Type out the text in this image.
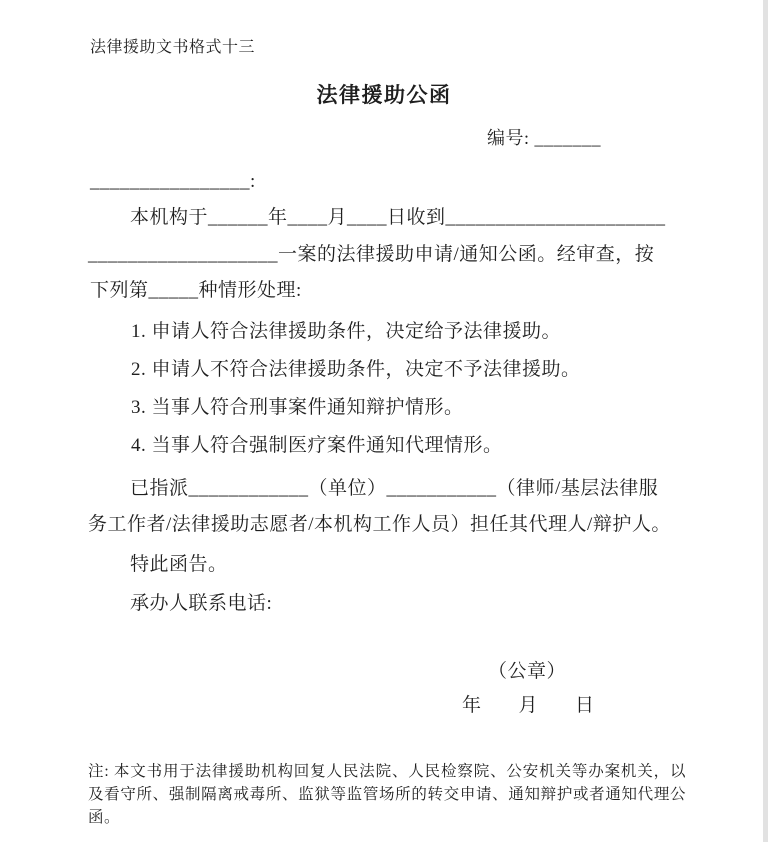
法律援助文书格式十三
法律援助公函
编号: _______
________________:
本机构于______年____月____日收到______________________
___________________一案的法律援助申请/通知公函。经审查，按
下列第_____种情形处理:
1. 申请人符合法律援助条件，决定给予法律援助。
2. 申请人不符合法律援助条件，决定不予法律援助。
3. 当事人符合刑事案件通知辩护情形。
4. 当事人符合强制医疗案件通知代理情形。
已指派____________（单位）___________（律师/基层法律服
务工作者/法律援助志愿者/本机构工作人员）担任其代理人/辩护人。
特此函告。
承办人联系电话:
（公章）
年 月 日
注: 本文书用于法律援助机构回复人民法院、人民检察院、公安机关等办案机关，以及看守所、强制隔离戒毒所、监狱等监管场所的转交申请、通知辩护或者通知代理公函。
